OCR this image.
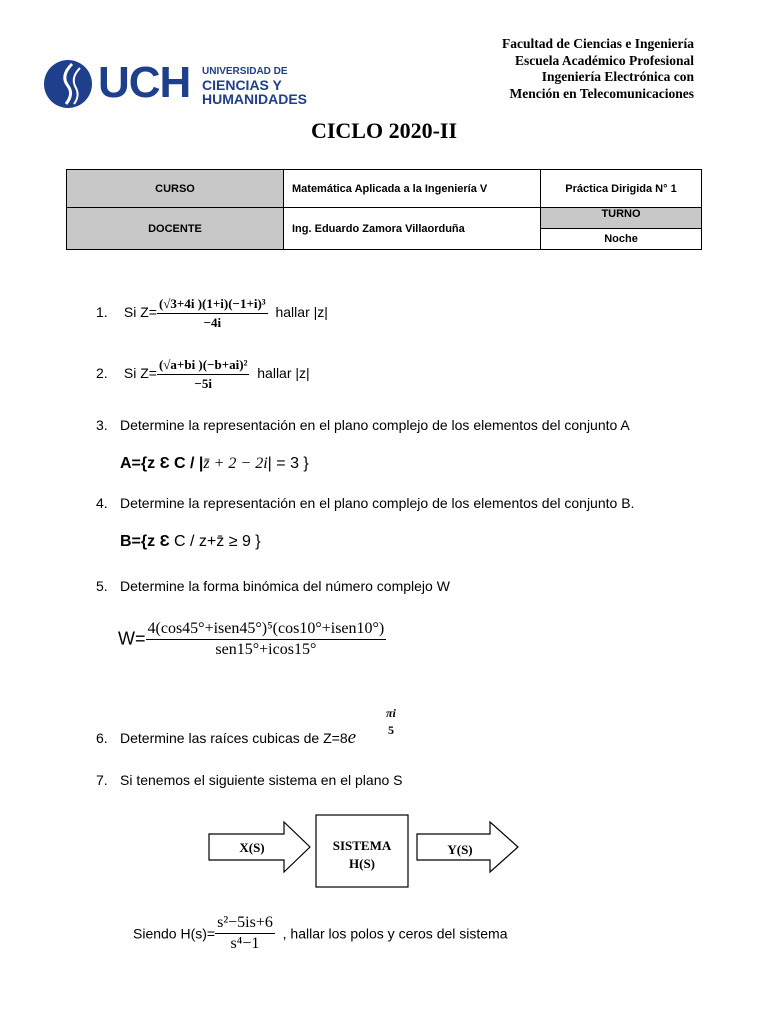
Facultad de Ciencias e Ingeniería
Escuela Académico Profesional
Ingeniería Electrónica con
Mención en Telecomunicaciones
UCH UNIVERSIDAD DE
CIENCIAS Y
HUMANIDADES
CICLO 2020-II
CURSO	Matemática Aplicada a la Ingeniería V	Práctica Dirigida N° 1
DOCENTE	Ing. Eduardo Zamora Villaorduña	TURNO
		Noche
1. Si $Z= \frac{\text{(√3+4i )(1+i)(−1+i)³}}{-4i}$ hallar |z|
2. Si $Z= \frac{\text{(√a+bi )(−b+ai)²}}{-5i}$ hallar |z|
3. Determine la representación en el plano complejo de los elementos del conjunto A
A={z Ɛ C / |z̄ + 2 − 2i| = 3 }
4. Determine la representación en el plano complejo de los elementos del conjunto B.
B={z Ɛ C / z+z̄ ≥ 9 }
5. Determine la forma binómica del número complejo W
$W= \frac{\text{4(cos45°+isen45°)⁵(cos10°+isen10°)}}{\text{sen15°+icos15°}}$
6. Determine las raíces cubicas de Z=8e
πi
5
7. Si tenemos el siguiente sistema en el plano S
X(S)	SISTEMA
H(S)
Y(S)
Siendo $H(s)= \frac{\text{s²−5is+6}}{\text{s⁴−1}}$ , hallar los polos y ceros del sistema
